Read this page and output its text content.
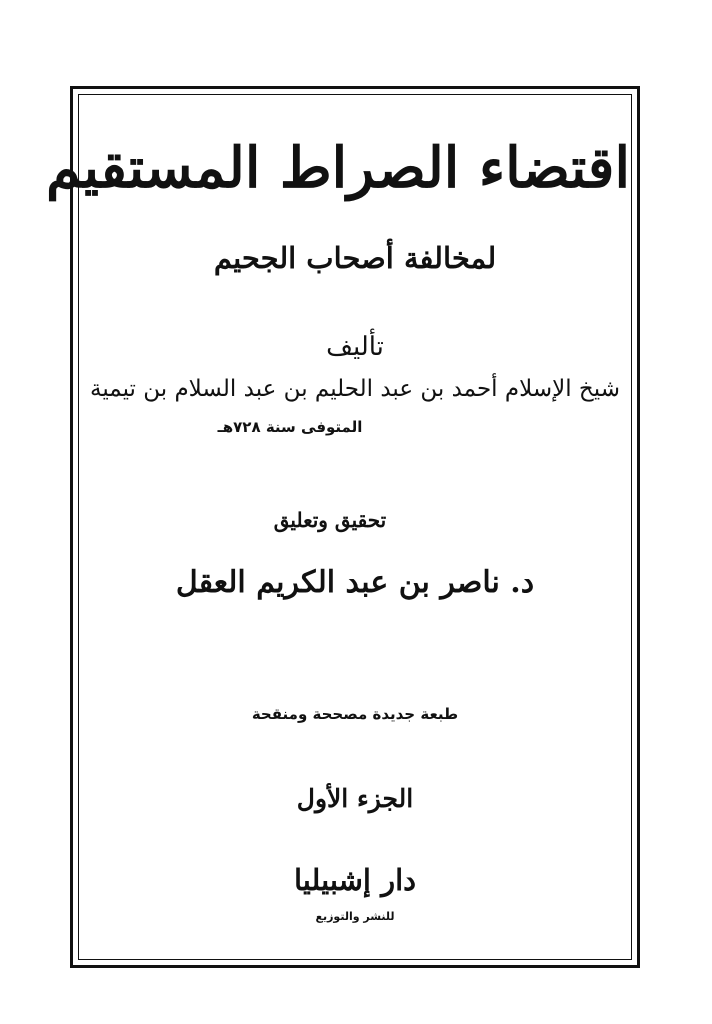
اقتضاء الصراط المستقيم
لمخالفة أصحاب الجحيم
تأليف
شيخ الإسلام أحمد بن عبد الحليم بن عبد السلام بن تيمية
المتوفى سنة ٧٢٨هـ
تحقيق وتعليق
د. ناصر بن عبد الكريم العقل
طبعة جديدة مصححة ومنقحة
الجزء الأول
دار إشبيليا
للنشر والتوزيع
